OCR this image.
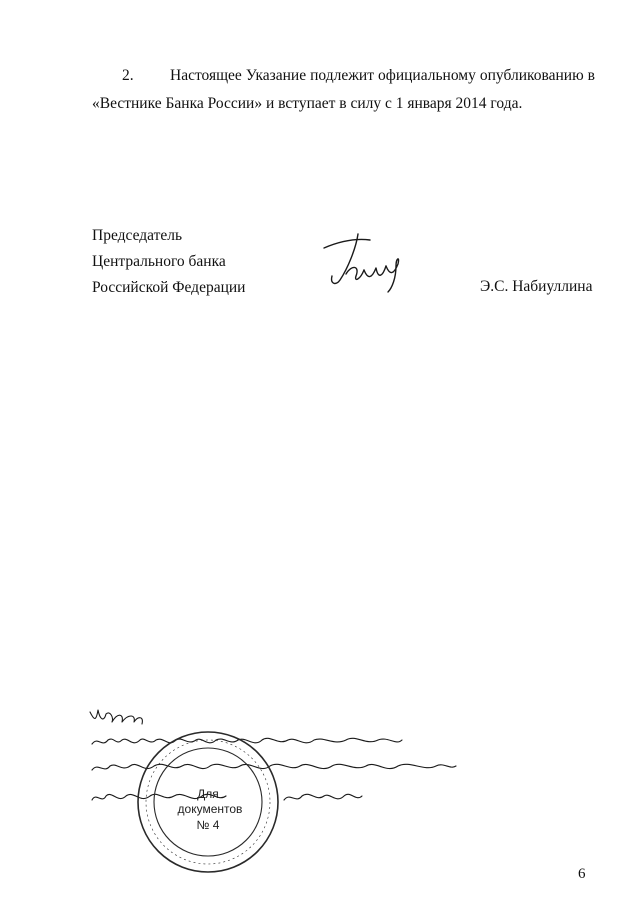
2. Настоящее Указание подлежит официальному опубликованию в
«Вестнике Банка России» и вступает в силу с 1 января 2014 года.
Председатель
Центрального банка
Российской Федерации	Э.С. Набиуллина
Для
документов
№ 4
6
